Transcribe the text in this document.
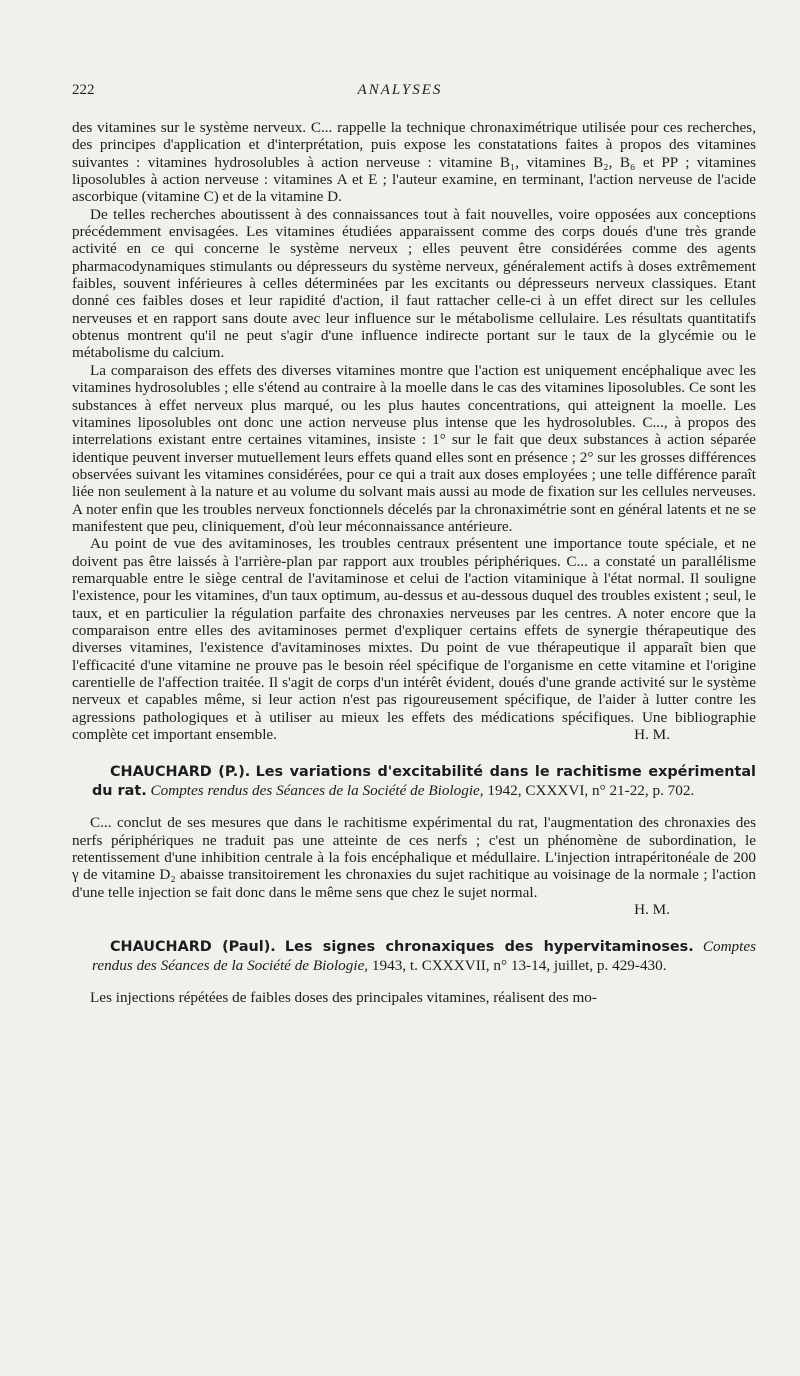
222	ANALYSES

des vitamines sur le système nerveux. C... rappelle la technique chronaximétrique utilisée pour ces recherches, des principes d'application et d'interprétation, puis expose les constatations faites à propos des vitamines suivantes : vitamines hydrosolubles à action nerveuse : vitamine B₁, vitamines B₂, B₆ et PP ; vitamines liposolubles à action nerveuse : vitamines A et E ; l'auteur examine, en terminant, l'action nerveuse de l'acide ascorbique (vitamine C) et de la vitamine D.

De telles recherches aboutissent à des connaissances tout à fait nouvelles, voire opposées aux conceptions précédemment envisagées. Les vitamines étudiées apparaissent comme des corps doués d'une très grande activité en ce qui concerne le système nerveux ; elles peuvent être considérées comme des agents pharmacodynamiques stimulants ou dépresseurs du système nerveux, généralement actifs à doses extrêmement faibles, souvent inférieures à celles déterminées par les excitants ou dépresseurs nerveux classiques. Etant donné ces faibles doses et leur rapidité d'action, il faut rattacher celle-ci à un effet direct sur les cellules nerveuses et en rapport sans doute avec leur influence sur le métabolisme cellulaire. Les résultats quantitatifs obtenus montrent qu'il ne peut s'agir d'une influence indirecte portant sur le taux de la glycémie ou le métabolisme du calcium.

La comparaison des effets des diverses vitamines montre que l'action est uniquement encéphalique avec les vitamines hydrosolubles ; elle s'étend au contraire à la moelle dans le cas des vitamines liposolubles. Ce sont les substances à effet nerveux plus marqué, ou les plus hautes concentrations, qui atteignent la moelle. Les vitamines liposolubles ont donc une action nerveuse plus intense que les hydrosolubles. C..., à propos des interrelations existant entre certaines vitamines, insiste : 1° sur le fait que deux substances à action séparée identique peuvent inverser mutuellement leurs effets quand elles sont en présence ; 2° sur les grosses différences observées suivant les vitamines considérées, pour ce qui a trait aux doses employées ; une telle différence paraît liée non seulement à la nature et au volume du solvant mais aussi au mode de fixation sur les cellules nerveuses. A noter enfin que les troubles nerveux fonctionnels décelés par la chronaximétrie sont en général latents et ne se manifestent que peu, cliniquement, d'où leur méconnaissance antérieure.

Au point de vue des avitaminoses, les troubles centraux présentent une importance toute spéciale, et ne doivent pas être laissés à l'arrière-plan par rapport aux troubles périphériques. C... a constaté un parallélisme remarquable entre le siège central de l'avitaminose et celui de l'action vitaminique à l'état normal. Il souligne l'existence, pour les vitamines, d'un taux optimum, au-dessus et au-dessous duquel des troubles existent ; seul, le taux, et en particulier la régulation parfaite des chronaxies nerveuses par les centres. A noter encore que la comparaison entre elles des avitaminoses permet d'expliquer certains effets de synergie thérapeutique des diverses vitamines, l'existence d'avitaminoses mixtes. Du point de vue thérapeutique il apparaît bien que l'efficacité d'une vitamine ne prouve pas le besoin réel spécifique de l'organisme en cette vitamine et l'origine carentielle de l'affection traitée. Il s'agit de corps d'un intérêt évident, doués d'une grande activité sur le système nerveux et capables même, si leur action n'est pas rigoureusement spécifique, de l'aider à lutter contre les agressions pathologiques et à utiliser au mieux les effets des médications spécifiques. Une bibliographie complète cet important ensemble.	H. M.

CHAUCHARD (P.). Les variations d'excitabilité dans le rachitisme expérimental du rat. Comptes rendus des Séances de la Société de Biologie, 1942, CXXXVI, n° 21-22, p. 702.

C... conclut de ses mesures que dans le rachitisme expérimental du rat, l'augmentation des chronaxies des nerfs périphériques ne traduit pas une atteinte de ces nerfs ; c'est un phénomène de subordination, le retentissement d'une inhibition centrale à la fois encéphalique et médullaire. L'injection intrapéritonéale de 200 γ de vitamine D₂ abaisse transitoirement les chronaxies du sujet rachitique au voisinage de la normale ; l'action d'une telle injection se fait donc dans le même sens que chez le sujet normal.

H. M.

CHAUCHARD (Paul). Les signes chronaxiques des hypervitaminoses. Comptes rendus des Séances de la Société de Biologie, 1943, t. CXXXVII, n° 13-14, juillet, p. 429-430.

Les injections répétées de faibles doses des principales vitamines, réalisent des mo-
